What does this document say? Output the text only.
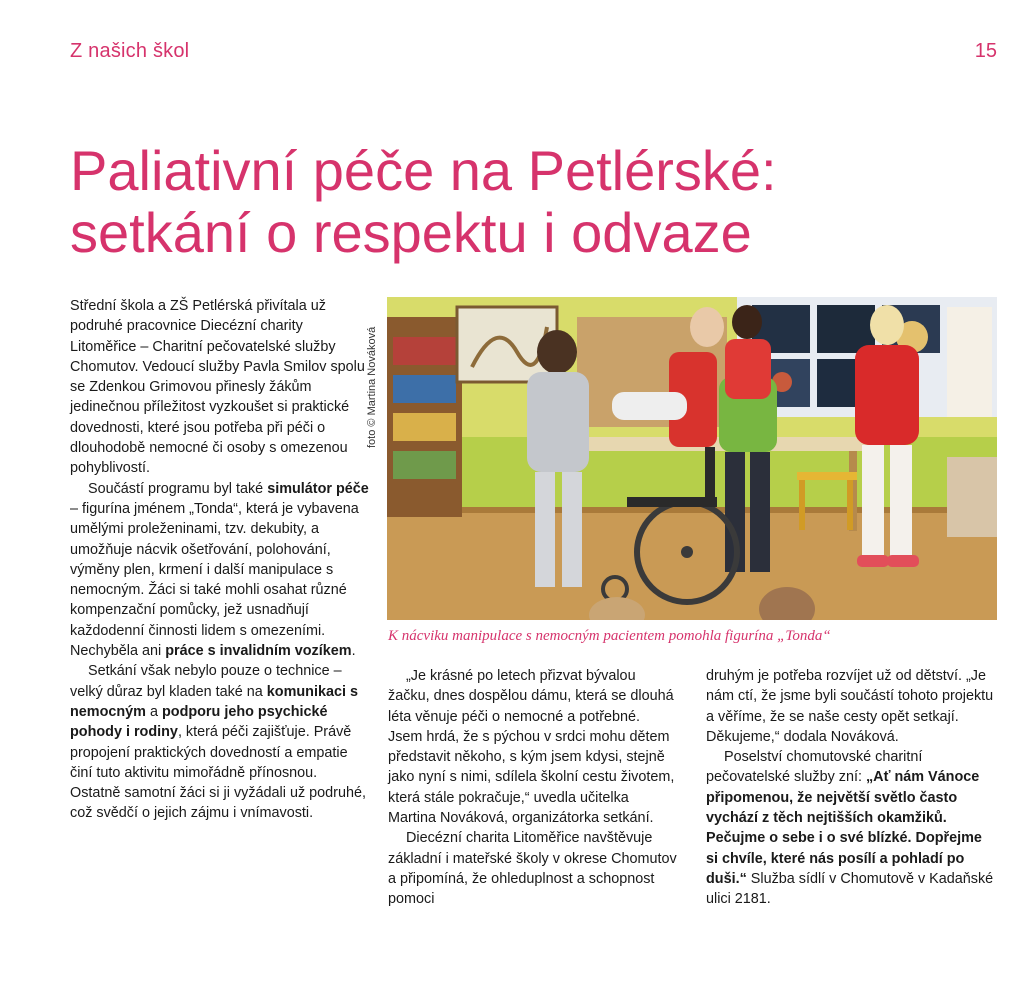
Z našich škol	15
Paliativní péče na Petlérské:
setkání o respektu i odvaze

Střední škola a ZŠ Petlérská přivítala už podruhé pracovnice Diecézní charity Litoměřice – Charitní pečovatelské služby Chomutov. Vedoucí služby Pavla Smilov spolu se Zdenkou Grimovou přinesly žákům jedinečnou příležitost vyzkoušet si praktické dovednosti, které jsou potřeba při péči o dlouhodobě nemocné či osoby s omezenou pohyblivostí.

Součástí programu byl také simulátor péče – figurína jménem „Tonda“, která je vybavena umělými proleženinami, tzv. dekubity, a umožňuje nácvik ošetřování, polohování, výměny plen, krmení i další manipulace s nemocným. Žáci si také mohli osahat různé kompenzační pomůcky, jež usnadňují každodenní činnosti lidem s omezeními. Nechyběla ani práce s invalidním vozíkem.

Setkání však nebylo pouze o technice – velký důraz byl kladen také na komunikaci s nemocným a podporu jeho psychické pohody i rodiny, která péči zajišťuje. Právě propojení praktických dovedností a empatie činí tuto aktivitu mimořádně přínosnou. Ostatně samotní žáci si ji vyžádali už podruhé, což svědčí o jejich zájmu i vnímavosti.

foto © Martina Nováková
K nácviku manipulace s nemocným pacientem pomohla figurína „Tonda“

„Je krásné po letech přizvat bývalou žačku, dnes dospělou dámu, která se dlouhá léta věnuje péči o nemocné a potřebné. Jsem hrdá, že s pýchou v srdci mohu dětem představit někoho, s kým jsem kdysi, stejně jako nyní s nimi, sdílela školní cestu životem, která stále pokračuje,“ uvedla učitelka Martina Nováková, organizátorka setkání.

Diecézní charita Litoměřice navštěvuje základní i mateřské školy v okrese Chomutov a připomíná, že ohleduplnost a schopnost pomoci

druhým je potřeba rozvíjet už od dětství. „Je nám ctí, že jsme byli součástí tohoto projektu a věříme, že se naše cesty opět setkají. Děkujeme,“ dodala Nováková.

Poselství chomutovské charitní pečovatelské služby zní: „Ať nám Vánoce připomenou, že největší světlo často vychází z těch nejtišších okamžiků. Pečujme o sebe i o své blízké. Dopřejme si chvíle, které nás posílí a pohladí po duši.“ Služba sídlí v Chomutově v Kadaňské ulici 2181.
